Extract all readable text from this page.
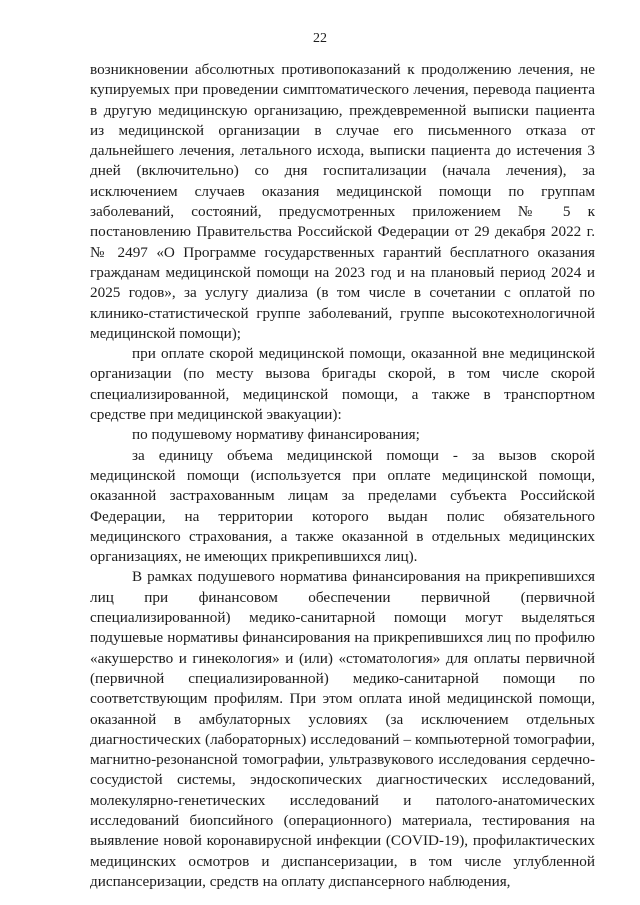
22

возникновении абсолютных противопоказаний к продолжению лечения, не купируемых при проведении симптоматического лечения, перевода пациента в другую медицинскую организацию, преждевременной выписки пациента из медицинской организации в случае его письменного отказа от дальнейшего лечения, летального исхода, выписки пациента до истечения 3 дней (включительно) со дня госпитализации (начала лечения), за исключением случаев оказания медицинской помощи по группам заболеваний, состояний, предусмотренных приложением № 5 к постановлению Правительства Российской Федерации от 29 декабря 2022 г. № 2497 «О Программе государственных гарантий бесплатного оказания гражданам медицинской помощи на 2023 год и на плановый период 2024 и 2025 годов», за услугу диализа (в том числе в сочетании с оплатой по клинико-статистической группе заболеваний, группе высокотехнологичной медицинской помощи);

при оплате скорой медицинской помощи, оказанной вне медицинской организации (по месту вызова бригады скорой, в том числе скорой специализированной, медицинской помощи, а также в транспортном средстве при медицинской эвакуации):

по подушевому нормативу финансирования;

за единицу объема медицинской помощи - за вызов скорой медицинской помощи (используется при оплате медицинской помощи, оказанной застрахованным лицам за пределами субъекта Российской Федерации, на территории которого выдан полис обязательного медицинского страхования, а также оказанной в отдельных медицинских организациях, не имеющих прикрепившихся лиц).

В рамках подушевого норматива финансирования на прикрепившихся лиц при финансовом обеспечении первичной (первичной специализированной) медико-санитарной помощи могут выделяться подушевые нормативы финансирования на прикрепившихся лиц по профилю «акушерство и гинекология» и (или) «стоматология» для оплаты первичной (первичной специализированной) медико-санитарной помощи по соответствующим профилям. При этом оплата иной медицинской помощи, оказанной в амбулаторных условиях (за исключением отдельных диагностических (лабораторных) исследований – компьютерной томографии, магнитно-резонансной томографии, ультразвукового исследования сердечно-сосудистой системы, эндоскопических диагностических исследований, молекулярно-генетических исследований и патолого-анатомических исследований биопсийного (операционного) материала, тестирования на выявление новой коронавирусной инфекции (COVID-19), профилактических медицинских осмотров и диспансеризации, в том числе углубленной диспансеризации, средств на оплату диспансерного наблюдения,
